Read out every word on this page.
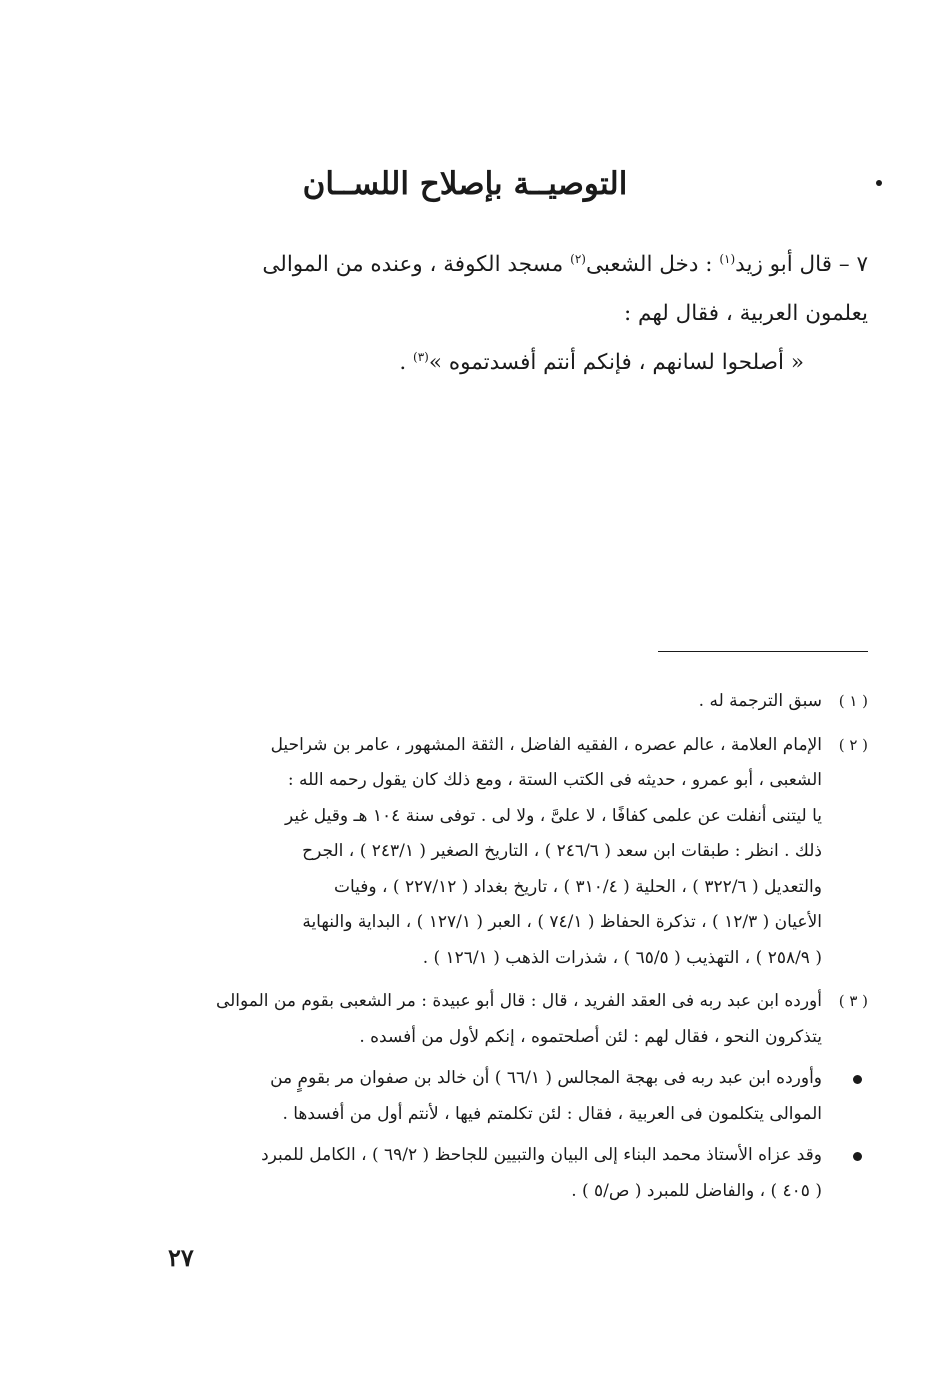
التوصيــة بإصلاح اللســان
٧ – قال أبو زيد$^{(١)}$ : دخل الشعبى$^{(٢)}$ مسجد الكوفة ، وعنده من الموالى
يعلمون العربية ، فقال لهم :
« أصلحوا لسانهم ، فإنكم أنتم أفسدتموه »$^{(٣)}$ .
( ١ )
سبق الترجمة له .
( ٢ )
الإمام العلامة ، عالم عصره ، الفقيه الفاضل ، الثقة المشهور ، عامر بن شراحيل
الشعبى ، أبو عمرو ، حديثه فى الكتب الستة ، ومع ذلك كان يقول رحمه الله :
يا ليتنى أنفلت عن علمى كفافًا ، لا علىَّ ، ولا لى . توفى سنة ١٠٤ هـ وقيل غير
ذلك . انظر : طبقات ابن سعد ( ٢٤٦/٦ ) ، التاريخ الصغير ( ٢٤٣/١ ) ، الجرح
والتعديل ( ٣٢٢/٦ ) ، الحلية ( ٣١٠/٤ ) ، تاريخ بغداد ( ٢٢٧/١٢ ) ، وفيات
الأعيان ( ١٢/٣ ) ، تذكرة الحفاظ ( ٧٤/١ ) ، العبر ( ١٢٧/١ ) ، البداية والنهاية
( ٢٥٨/٩ ) ، التهذيب ( ٦٥/٥ ) ، شذرات الذهب ( ١٢٦/١ ) .
( ٣ )
أورده ابن عبد ربه فى العقد الفريد ، قال : قال أبو عبيدة : مر الشعبى بقوم من الموالى
يتذكرون النحو ، فقال لهم : لئن أصلحتموه ، إنكم لأول من أفسده .
وأورده ابن عبد ربه فى بهجة المجالس ( ٦٦/١ ) أن خالد بن صفوان مر بقومٍ من
الموالى يتكلمون فى العربية ، فقال : لئن تكلمتم فيها ، لأنتم أول من أفسدها .
وقد عزاه الأستاذ محمد البناء إلى البيان والتبيين للجاحظ ( ٦٩/٢ ) ، الكامل للمبرد
( ٤٠٥ ) ، والفاضل للمبرد ( ص/٥ ) .
٢٧
